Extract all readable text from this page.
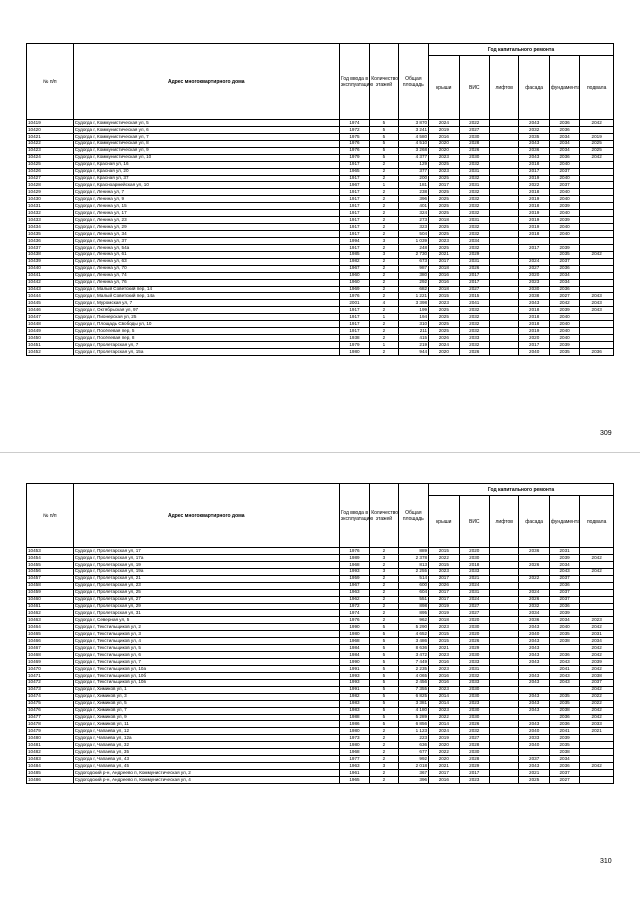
№ п/п	Адрес многоквартирного дома	Год ввода в эксплуатацию	Количество этажей	Общая площадь	Год капитального ремонта					
					крыши	ВИС	лифтов	фасада	фундамента	подвала
10419	Судогда г, Коммунистическая ул, 5	1974	5	3 870	2024	2022		2043	2036	2042
10420	Судогда г, Коммунистическая ул, 6	1972	5	3 241	2019	2027		2032	2036	
10421	Судогда г, Коммунистическая ул, 7	1975	5	4 580	2016	2030		2035	2034	2019
10422	Судогда г, Коммунистическая ул, 8	1976	5	4 510	2020	2028		2043	2034	2025
10423	Судогда г, Коммунистическая ул, 9	1976	5	3 268	2020	2026		2036	2034	2025
10424	Судогда г, Коммунистическая ул, 10	1979	5	4 377	2023	2030		2043	2036	2042
10425	Судогда г, Красная ул, 16	1917	2	129	2025	2032		2018	2040	
10426	Судогда г, Красная ул, 20	1965	2	377	2023	2031		2017	2037	
10427	Судогда г, Красная ул, 37	1917	2	200	2025	2032		2019	2040	
10428	Судогда г, Красноармейская ул, 10	1967	1	181	2017	2031		2022	2037	
10429	Судогда г, Ленина ул, 7	1917	2	238	2025	2032		2018	2040	
10430	Судогда г, Ленина ул, 9	1917	2	396	2025	2032		2019	2040	
10431	Судогда г, Ленина ул, 15	1917	2	401	2025	2032		2018	2039	
10432	Судогда г, Ленина ул, 17	1917	2	324	2025	2032		2019	2040	
10433	Судогда г, Ленина ул, 23	1917	2	273	2018	2031		2019	2039	
10434	Судогда г, Ленина ул, 29	1917	2	323	2025	2032		2019	2040	
10435	Судогда г, Ленина ул, 34	1917	2	504	2025	2032		2018	2040	
10436	Судогда г, Ленина ул, 37	1994	3	1 039	2023	2034				
10437	Судогда г, Ленина ул, 54а	1917	2	248	2025	2032		2017	2039	
10438	Судогда г, Ленина ул, 61	1985	3	2 730	2021	2029			2035	2042
10439	Судогда г, Ленина ул, 63	1982	2	673	2017	2031		2024	2037	
10440	Судогда г, Ленина ул, 70	1967	2	987	2018	2026		2027	2036	
10441	Судогда г, Ленина ул, 74	1960	2	380	2016	2017		2020	2034	
10442	Судогда г, Ленина ул, 76	1960	2	292	2016	2017		2023	2034	
10443	Судогда г, Малый Советский пер, 14	1969	2	682	2018	2027		2030	2036	
10444	Судогда г, Малый Советский пер, 14а	1976	2	1 221	2015	2015		2038	2027	2043
10445	Судогда г, Муромская ул, 7	2001	4	3 398	2023	2041		2043	2042	2043
10446	Судогда г, Октябрьская ул, 97	1917	2	199	2025	2032		2018	2039	2043
10447	Судогда г, Пионерская ул, 25	1917	1	194	2025	2032		2018	2040	
10448	Судогда г, Площадь Свободы ул, 10	1917	2	310	2025	2032		2018	2040	
10449	Судогда г, Посёлевая пер, 5	1917	2	211	2025	2032		2019	2040	
10450	Судогда г, Посёлевая пер, 8	1938	2	415	2026	2033		2020	2040	
10451	Судогда г, Пролетарская ул, 7	1979	1	219	2024	2032		2017	2039	
10452	Судогда г, Пролетарская ул, 15а	1980	2	944	2020	2026		2040	2035	2036
309
№ п/п	Адрес многоквартирного дома	Год ввода в эксплуатацию	Количество этажей	Общая площадь	Год капитального ремонта					
					крыши	ВИС	лифтов	фасада	фундамента	подвала
10453	Судогда г, Пролетарская ул, 17	1976	2	889	2015	2020		2036	2031	
10454	Судогда г, Пролетарская ул, 17а	1989	3	2 378	2022	2030			2039	2042
10455	Судогда г, Пролетарская ул, 19	1968	2	813	2015	2018		2026	2034	
10456	Судогда г, Пролетарская ул, 19а	1993	3	2 255	2023	2033			2043	2042
10457	Судогда г, Пролетарская ул, 21	1959	2	514	2017	2021		2022	2037	
10458	Судогда г, Пролетарская ул, 23	1967	2	600	2026	2024			2036	
10459	Судогда г, Пролетарская ул, 25	1963	2	604	2017	2031		2024	2037	
10460	Судогда г, Пролетарская ул, 27	1962	2	551	2017	2024		2026	2037	
10461	Судогда г, Пролетарская ул, 29	1972	2	898	2019	2027		2032	2036	
10462	Судогда г, Пролетарская ул, 31	1974	2	895	2019	2027		2034	2039	
10463	Судогда г, Северная ул, 5	1976	2	962	2018	2020		2036	2034	2023
10464	Судогда г, Текстильщиков ул, 2	1990	5	5 290	2023	2030		2043	2040	2042
10465	Судогда г, Текстильщиков ул, 3	1980	5	4 652	2015	2020		2040	2035	2031
10466	Судогда г, Текстильщиков ул, 4	1968	5	3 486	2015	2026		2043	2038	2034
10467	Судогда г, Текстильщиков ул, 5	1984	5	8 636	2021	2029		2043		2042
10468	Судогда г, Текстильщиков ул, 6	1984	5	3 472	2023	2030		2043	2036	2042
10469	Судогда г, Текстильщиков ул, 7	1990	5	7 449	2016	2033		2043	2043	2039
10470	Судогда г, Текстильщиков ул, 10а	1991	5	2 235	2023	2031			2041	2042
10471	Судогда г, Текстильщиков ул, 10б	1993	5	4 065	2016	2032		2043	2043	2038
10472	Судогда г, Текстильщиков ул, 10в	1993	5	2 456	2016	2033		2043	2043	2037
10473	Судогда г, Химиков ул, 1	1991	5	7 355	2023	2030				2042
10474	Судогда г, Химиков ул, 3	1982	5	6 825	2014	2030		2043	2035	2022
10475	Судогда г, Химиков ул, 5	1983	5	3 381	2014	2023		2043	2035	2022
10476	Судогда г, Химиков ул, 7	1983	5	4 180	2023	2030		2043	2038	2042
10477	Судогда г, Химиков ул, 9	1988	5	5 289	2022	2030			2036	2042
10478	Судогда г, Химиков ул, 11	1986	5	6 856	2014	2026		2043	2036	2033
10479	Судогда г, Чапаева ул, 12	1980	2	1 123	2024	2032		2040	2041	2021
10480	Судогда г, Чапаева ул, 12а	1973	2	223	2019	2027		2033	2039	
10481	Судогда г, Чапаева ул, 32	1980	2	636	2020	2028		2040	2035	
10482	Судогда г, Чапаева ул, 35	1968	2	677	2022	2030			2038	
10483	Судогда г, Чапаева ул, 43	1977	2	992	2020	2028		2037	2034	
10484	Судогда г, Чапаева ул, 45	1963	3	2 018	2021	2029		2043	2036	2042
10485	Судогодский р-н, Андреево п, Коммунистическая ул, 2	1961	2	367	2017	2017		2021	2037	
10486	Судогодский р-н, Андреево п, Коммунистическая ул, 4	1965	2	396	2016	2023		2025	2027	
310
